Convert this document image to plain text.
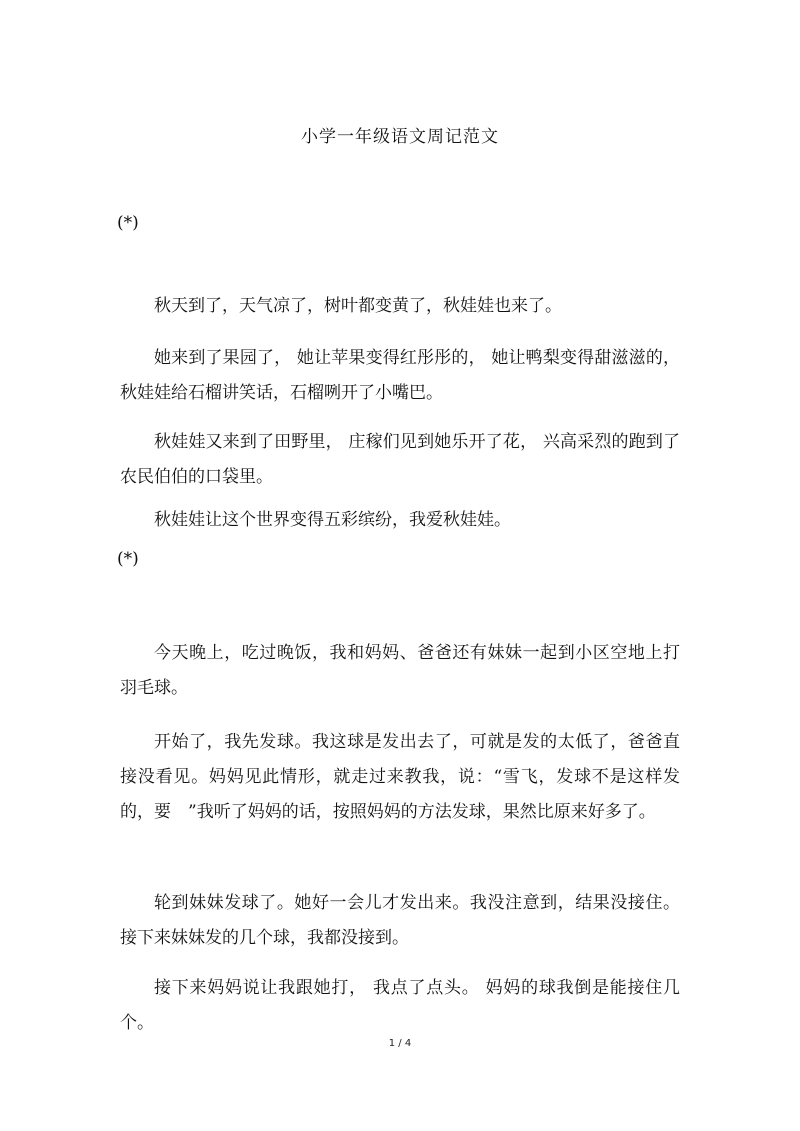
小学一年级语文周记范文
(*)

秋天到了，天气凉了，树叶都变黄了，秋娃娃也来了。

她来到了果园了， 她让苹果变得红彤彤的， 她让鸭梨变得甜滋滋的，秋娃娃给石榴讲笑话，石榴咧开了小嘴巴。

秋娃娃又来到了田野里， 庄稼们见到她乐开了花， 兴高采烈的跑到了农民伯伯的口袋里。

秋娃娃让这个世界变得五彩缤纷，我爱秋娃娃。

(*)

今天晚上，吃过晚饭，我和妈妈、爸爸还有妹妹一起到小区空地上打羽毛球。

开始了，我先发球。我这球是发出去了，可就是发的太低了，爸爸直接没看见。妈妈见此情形，就走过来教我，说：“雪飞，发球不是这样发的，要　”我听了妈妈的话，按照妈妈的方法发球，果然比原来好多了。

轮到妹妹发球了。她好一会儿才发出来。我没注意到，结果没接住。接下来妹妹发的几个球，我都没接到。

接下来妈妈说让我跟她打， 我点了点头。 妈妈的球我倒是能接住几个。

1 / 4
